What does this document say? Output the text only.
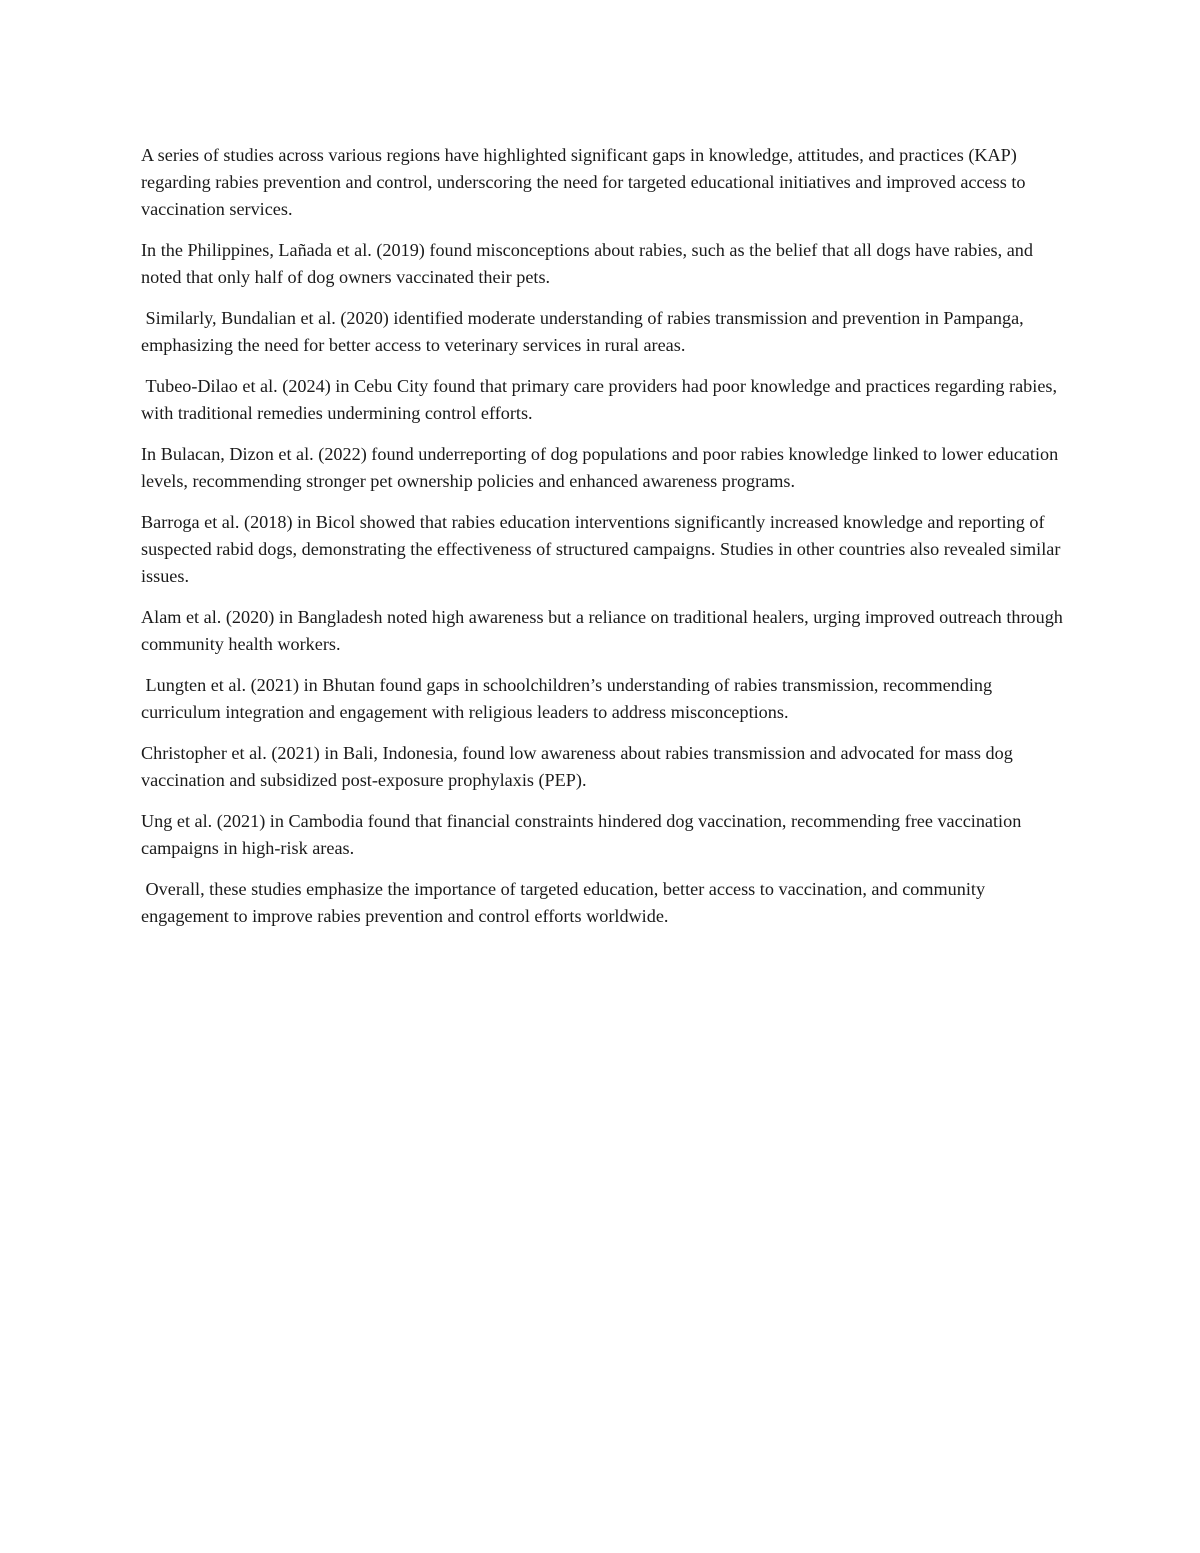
A series of studies across various regions have highlighted significant gaps in knowledge, attitudes, and practices (KAP) regarding rabies prevention and control, underscoring the need for targeted educational initiatives and improved access to vaccination services.

In the Philippines, Lañada et al. (2019) found misconceptions about rabies, such as the belief that all dogs have rabies, and noted that only half of dog owners vaccinated their pets.

Similarly, Bundalian et al. (2020) identified moderate understanding of rabies transmission and prevention in Pampanga, emphasizing the need for better access to veterinary services in rural areas.

Tubeo-Dilao et al. (2024) in Cebu City found that primary care providers had poor knowledge and practices regarding rabies, with traditional remedies undermining control efforts.

In Bulacan, Dizon et al. (2022) found underreporting of dog populations and poor rabies knowledge linked to lower education levels, recommending stronger pet ownership policies and enhanced awareness programs.

Barroga et al. (2018) in Bicol showed that rabies education interventions significantly increased knowledge and reporting of suspected rabid dogs, demonstrating the effectiveness of structured campaigns. Studies in other countries also revealed similar issues.

Alam et al. (2020) in Bangladesh noted high awareness but a reliance on traditional healers, urging improved outreach through community health workers.

Lungten et al. (2021) in Bhutan found gaps in schoolchildren’s understanding of rabies transmission, recommending curriculum integration and engagement with religious leaders to address misconceptions.

Christopher et al. (2021) in Bali, Indonesia, found low awareness about rabies transmission and advocated for mass dog vaccination and subsidized post-exposure prophylaxis (PEP).

Ung et al. (2021) in Cambodia found that financial constraints hindered dog vaccination, recommending free vaccination campaigns in high-risk areas.

Overall, these studies emphasize the importance of targeted education, better access to vaccination, and community engagement to improve rabies prevention and control efforts worldwide.
